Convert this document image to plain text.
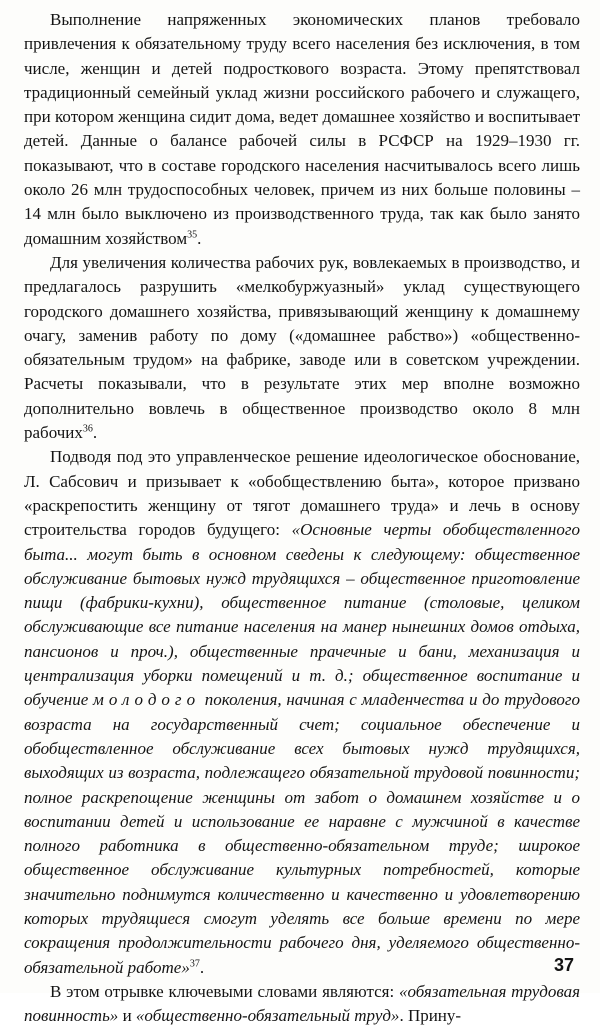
Выполнение напряженных экономических планов требовало привлечения к обязательному труду всего населения без исключения, в том числе, женщин и детей подросткового возраста. Этому препятствовал традиционный семейный уклад жизни российского рабочего и служащего, при котором женщина сидит дома, ведет домашнее хозяйство и воспитывает детей. Данные о балансе рабочей силы в РСФСР на 1929–1930 гг. показывают, что в составе городского населения насчитывалось всего лишь около 26 млн трудоспособных человек, причем из них больше половины – 14 млн было выключено из производственного труда, так как было занято домашним хозяйством$^{35}$.

Для увеличения количества рабочих рук, вовлекаемых в производство, и предлагалось разрушить «мелкобуржуазный» уклад существующего городского домашнего хозяйства, привязывающий женщину к домашнему очагу, заменив работу по дому («домашнее рабство») «общественно-обязательным трудом» на фабрике, заводе или в советском учреждении. Расчеты показывали, что в результате этих мер вполне возможно дополнительно вовлечь в общественное производство около 8 млн рабочих$^{36}$.

Подводя под это управленческое решение идеологическое обоснование, Л. Сабсович и призывает к «обобществлению быта», которое призвано «раскрепостить женщину от тягот домашнего труда» и лечь в основу строительства городов будущего: «Основные черты обобществленного быта... могут быть в основном сведены к следующему: общественное обслуживание бытовых нужд трудящихся – общественное приготовление пищи (фабрики-кухни), общественное питание (столовые, целиком обслуживающие все питание населения на манер нынешних домов отдыха, пансионов и проч.), общественные прачечные и бани, механизация и централизация уборки помещений и т. д.; общественное воспитание и обучение молодого поколения, начиная с младенчества и до трудового возраста на государственный счет; социальное обеспечение и обобществленное обслуживание всех бытовых нужд трудящихся, выходящих из возраста, подлежащего обязательной трудовой повинности; полное раскрепощение женщины от забот о домашнем хозяйстве и о воспитании детей и использование ее наравне с мужчиной в качестве полного работника в общественно-обязательном труде; широкое общественное обслуживание культурных потребностей, которые значительно поднимутся количественно и качественно и удовлетворению которых трудящиеся смогут уделять все больше времени по мере сокращения продолжительности рабочего дня, уделяемого общественно-обязательной работе»$^{37}$.

В этом отрывке ключевыми словами являются: «обязательная трудовая повинность» и «общественно-обязательный труд». Прину-

37
